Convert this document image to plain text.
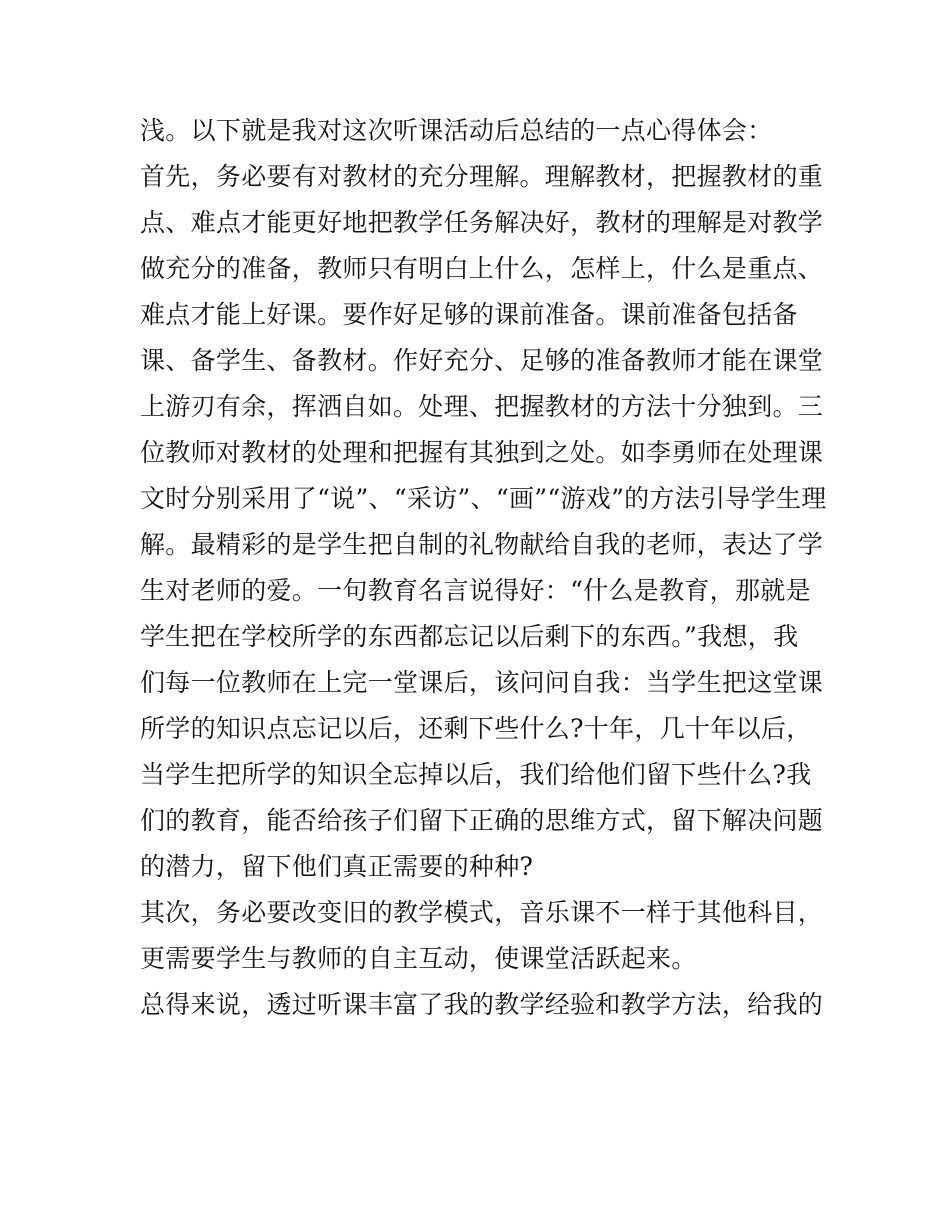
浅。以下就是我对这次听课活动后总结的一点心得体会：
首先，务必要有对教材的充分理解。理解教材，把握教材的重
点、难点才能更好地把教学任务解决好，教材的理解是对教学
做充分的准备，教师只有明白上什么，怎样上，什么是重点、
难点才能上好课。要作好足够的课前准备。课前准备包括备
课、备学生、备教材。作好充分、足够的准备教师才能在课堂
上游刃有余，挥洒自如。处理、把握教材的方法十分独到。三
位教师对教材的处理和把握有其独到之处。如李勇师在处理课
文时分别采用了“说”、“采访”、“画”“游戏”的方法引导学生理
解。最精彩的是学生把自制的礼物献给自我的老师，表达了学
生对老师的爱。一句教育名言说得好：“什么是教育，那就是
学生把在学校所学的东西都忘记以后剩下的东西。”我想，我
们每一位教师在上完一堂课后，该问问自我：当学生把这堂课
所学的知识点忘记以后，还剩下些什么?十年，几十年以后，
当学生把所学的知识全忘掉以后，我们给他们留下些什么?我
们的教育，能否给孩子们留下正确的思维方式，留下解决问题
的潜力，留下他们真正需要的种种?
其次，务必要改变旧的教学模式，音乐课不一样于其他科目，
更需要学生与教师的自主互动，使课堂活跃起来。
总得来说，透过听课丰富了我的教学经验和教学方法，给我的
